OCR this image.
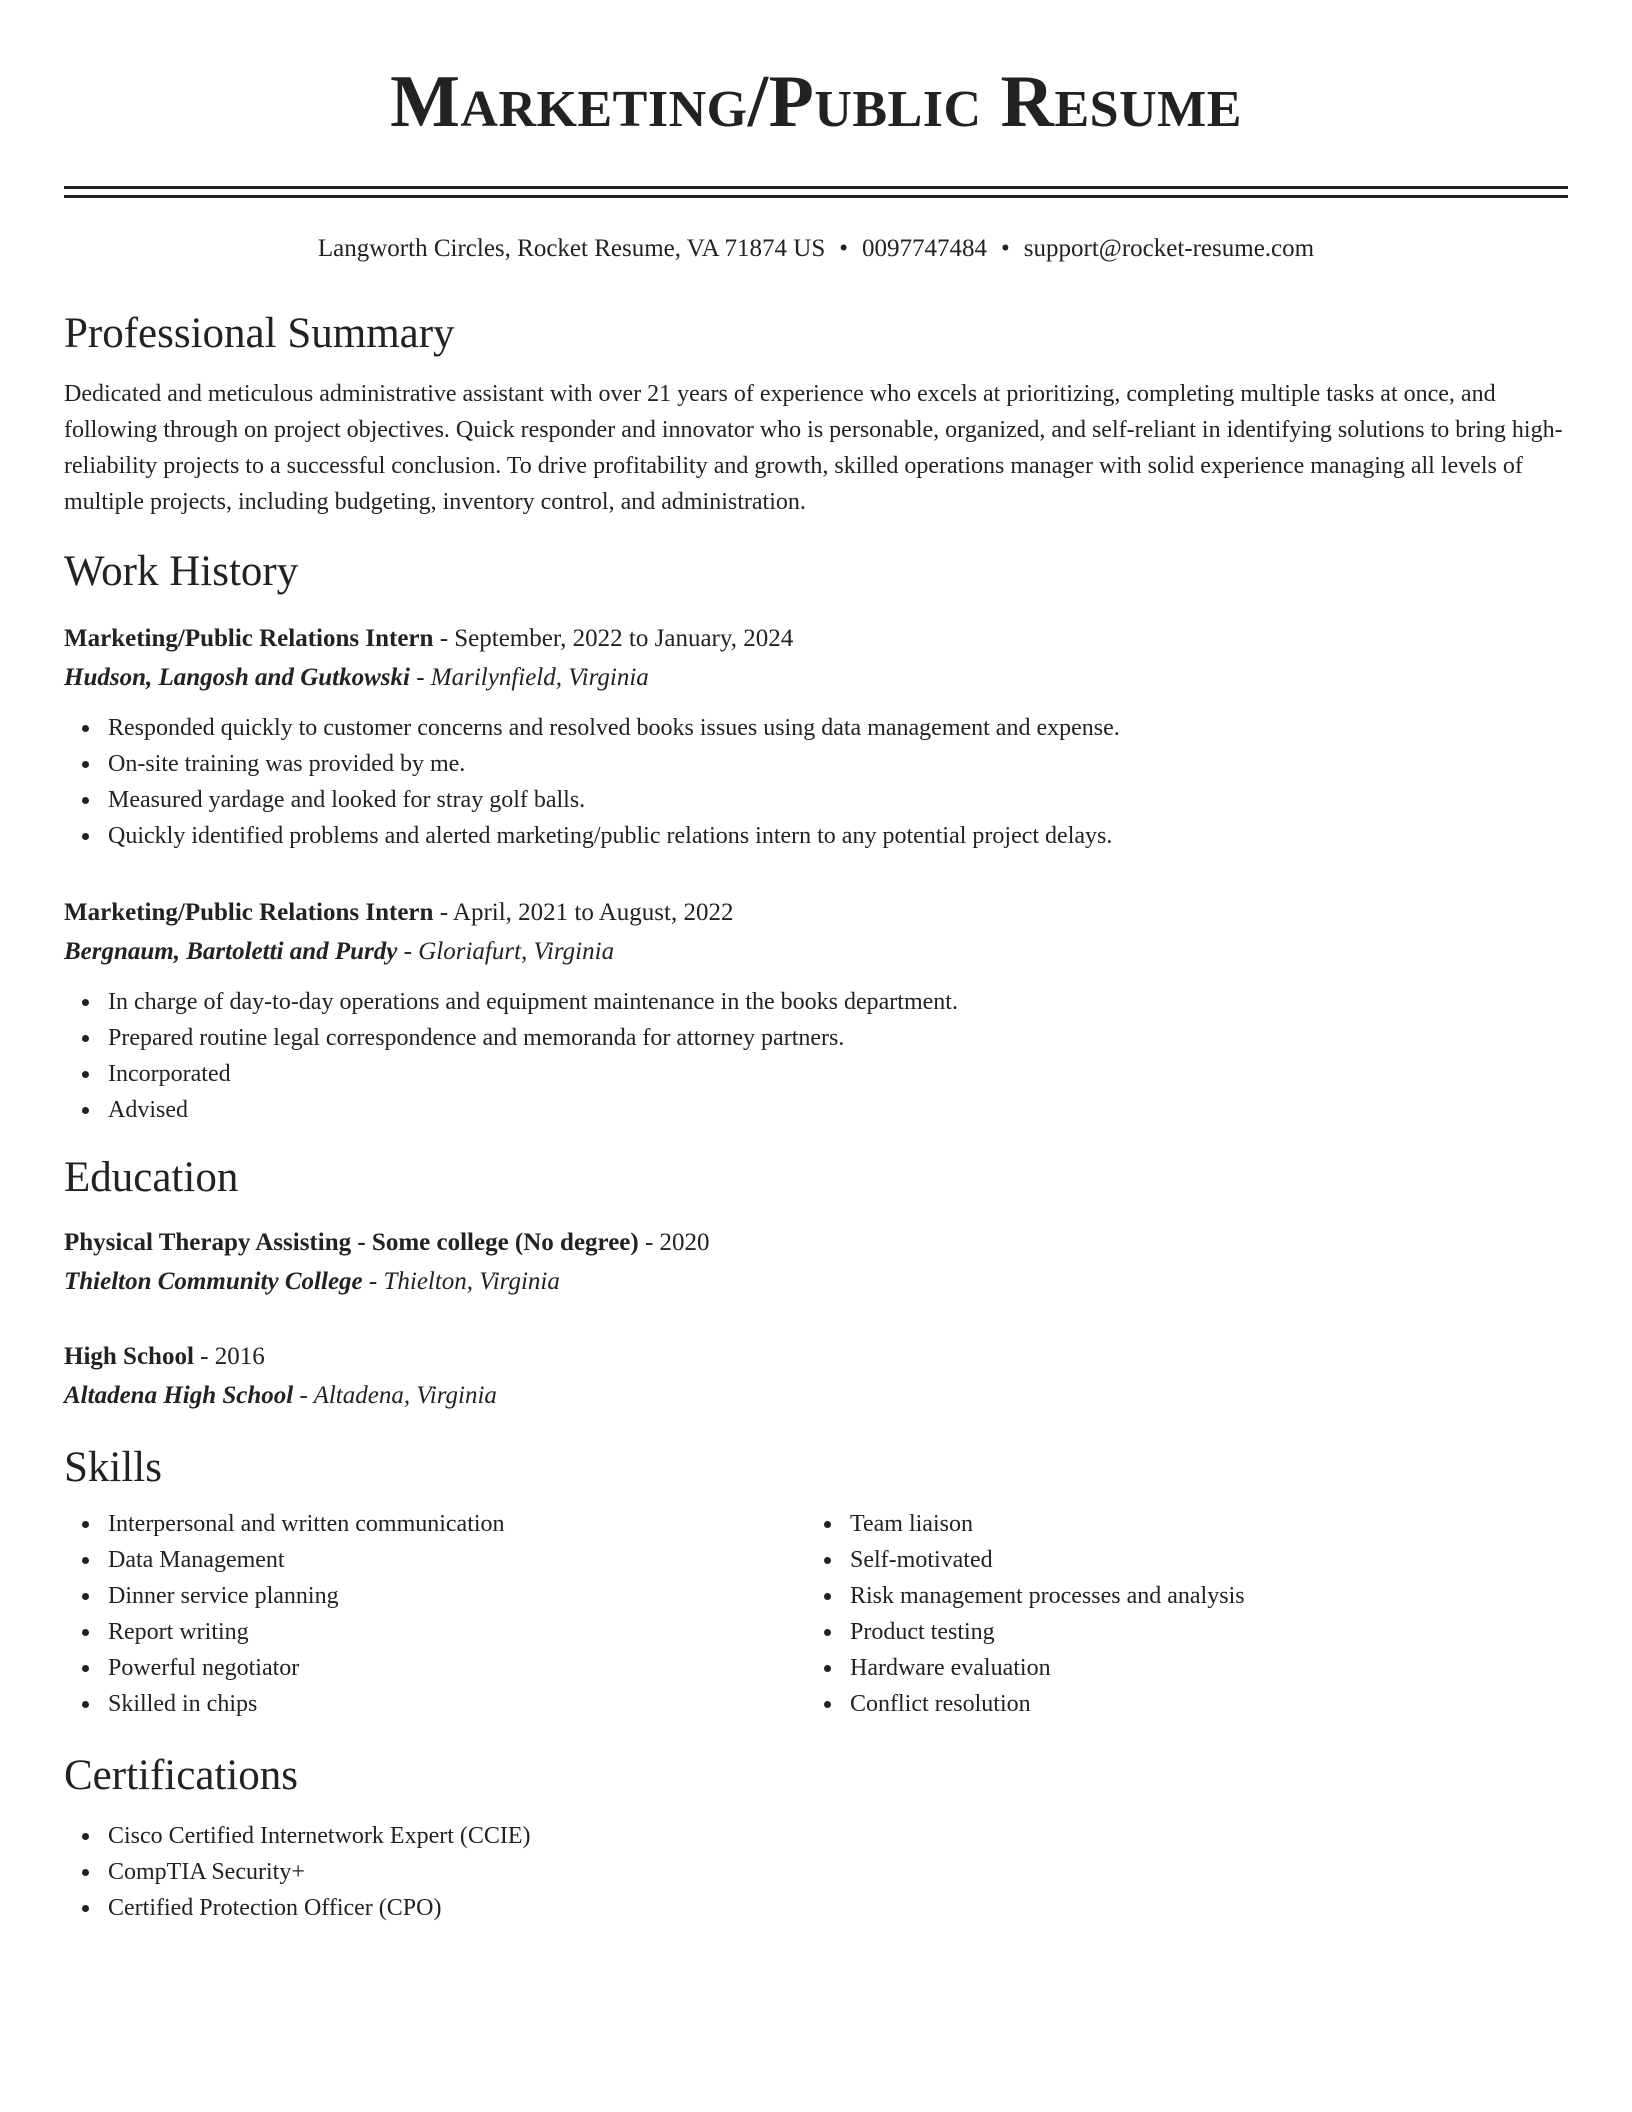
Marketing/Public Resume
Langworth Circles, Rocket Resume, VA 71874 US • 0097747484 • support@rocket-resume.com
Professional Summary

Dedicated and meticulous administrative assistant with over 21 years of experience who excels at prioritizing, completing multiple tasks at once, and following through on project objectives. Quick responder and innovator who is personable, organized, and self-reliant in identifying solutions to bring high-reliability projects to a successful conclusion. To drive profitability and growth, skilled operations manager with solid experience managing all levels of multiple projects, including budgeting, inventory control, and administration.

Work History
Marketing/Public Relations Intern - September, 2022 to January, 2024
Hudson, Langosh and Gutkowski - Marilynfield, Virginia
Responded quickly to customer concerns and resolved books issues using data management and expense.
On-site training was provided by me.
Measured yardage and looked for stray golf balls.
Quickly identified problems and alerted marketing/public relations intern to any potential project delays.
Marketing/Public Relations Intern - April, 2021 to August, 2022
Bergnaum, Bartoletti and Purdy - Gloriafurt, Virginia
In charge of day-to-day operations and equipment maintenance in the books department.
Prepared routine legal correspondence and memoranda for attorney partners.
Incorporated
Advised
Education
Physical Therapy Assisting - Some college (No degree) - 2020
Thielton Community College - Thielton, Virginia
High School - 2016
Altadena High School - Altadena, Virginia
Skills
Interpersonal and written communication
Data Management
Dinner service planning
Report writing
Powerful negotiator
Skilled in chips
Team liaison
Self-motivated
Risk management processes and analysis
Product testing
Hardware evaluation
Conflict resolution
Certifications
Cisco Certified Internetwork Expert (CCIE)
CompTIA Security+
Certified Protection Officer (CPO)
